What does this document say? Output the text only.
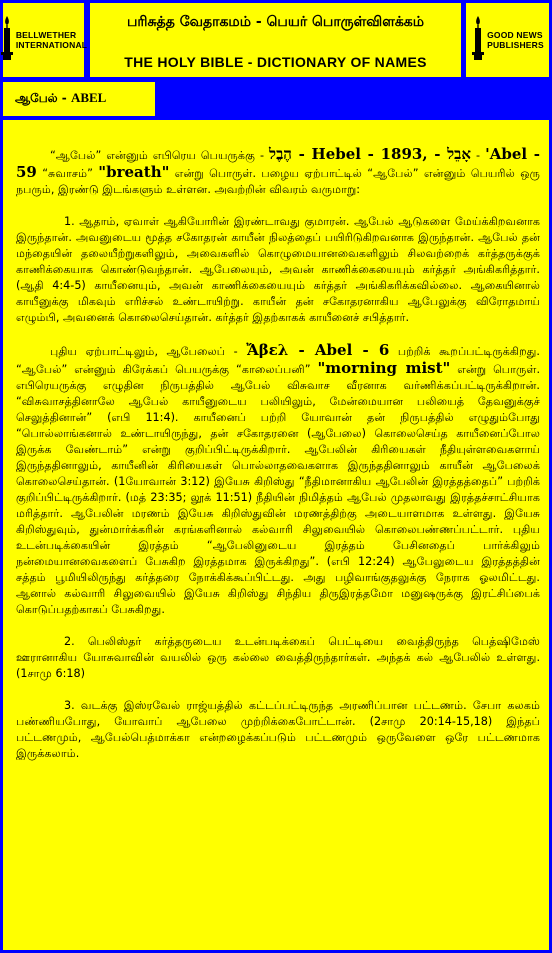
BELLWETHER
INTERNATIONAL
பரிசுத்த வேதாகமம் - பெயர் பொருள்விளக்கம்
THE HOLY BIBLE - DICTIONARY OF NAMES
GOOD NEWS
PUBLISHERS
ஆபேல் - ABEL

“ஆபேல்” என்னும் எபிரெய பெயருக்கு - הֶבֶל - Hebel - 1893, - אָבֵל - 'Abel - 59 “சுவாசம்” "breath" என்று பொருள். பழைய ஏற்பாட்டில் “ஆபேல்” என்னும் பெயரில் ஒரு நபரும், இரண்டு இடங்களும் உள்ளன. அவற்றின் விவரம் வருமாறு:

1. ஆதாம், ஏவாள் ஆகியோரின் இரண்டாவது குமாரன். ஆபேல் ஆடுகளை மேய்க்கிறவனாக இருந்தான். அவனுடைய மூத்த சகோதரன் காயீன் நிலத்தைப் பயிரிடுகிறவனாக இருந்தான். ஆபேல் தன் மந்தையின் தலையீற்றுகளிலும், அவைகளில் கொழுமையானவைகளிலும் சிலவற்றைக் கர்த்தருக்குக் காணிக்கையாக கொண்டுவந்தான். ஆபேலையும், அவன் காணிக்கையையும் கர்த்தர் அங்கிகரித்தார். (ஆதி 4:4-5) காயீனையும், அவன் காணிக்கையையும் கர்த்தர் அங்கிகரிக்கவில்லை. ஆகையினால் காயீனுக்கு மிகவும் எரிச்சல் உண்டாயிற்று. காயீன் தன் சகோதரனாகிய ஆபேலுக்கு விரோதமாய் எழும்பி, அவனைக் கொலைசெய்தான். கர்த்தர் இதற்காகக் காயீனைச் சபித்தார்.

புதிய ஏற்பாட்டிலும், ஆபேலைப் - Ἄβελ - Abel - 6 பற்றிக் கூறப்பட்டிருக்கிறது. “ஆபேல்” என்னும் கிரேக்கப் பெயருக்கு “காலைப்பனி” "morning mist" என்று பொருள். எபிரெயருக்கு எழுதின நிருபத்தில் ஆபேல் விசுவாச வீரனாக வர்ணிக்கப்பட்டிருக்கிறான். “விசுவாசத்தினாலே ஆபேல் காயீனுடைய பலியிலும், மேன்மையான பலியைத் தேவனுக்குச் செலுத்தினான்” (எபி 11:4). காயீனைப் பற்றி யோவான் தன் நிருபத்தில் எழுதும்போது “பொல்லாங்கனால் உண்டாயிருந்து, தன் சகோதரனை (ஆபேலை) கொலைசெய்த காயீனைப்போல இருக்க வேண்டாம்” என்று குறிப்பிட்டிருக்கிறார். ஆபேலின் கிரியைகள் நீதியுள்ளவைகளாய் இருந்ததினாலும், காயீனின் கிரியைகள் பொல்லாதவைகளாக இருந்ததினாலும் காயீன் ஆபேலைக் கொலைசெய்தான். (1யோவான் 3:12) இயேசு கிறிஸ்து “நீதிமானாகிய ஆபேலின் இரத்தத்தைப்” பற்றிக் குறிப்பிட்டிருக்கிறார். (மத் 23:35; லூக் 11:51) நீதியின் நிமித்தம் ஆபேல் முதலாவது இரத்தச்சாட்சியாக மரித்தார். ஆபேலின் மரணம் இயேசு கிறிஸ்துவின் மரணத்திற்கு அடையாளமாக உள்ளது. இயேசு கிறிஸ்துவும், துன்மார்க்கரின் கரங்களினால் கல்வாரி சிலுவையில் கொலைபண்ணப்பட்டார். புதிய உடன்படிக்கையின் இரத்தம் “ஆபேலினுடைய இரத்தம் பேசினதைப் பார்க்கிலும் நன்மையானவைகளைப் பேசுகிற இரத்தமாக இருக்கிறது”. (எபி 12:24) ஆபேலுடைய இரத்தத்தின் சத்தம் பூமியிலிருந்து கர்த்தரை நோக்கிக்கூப்பிட்டது. அது பழிவாங்குதலுக்கு நேராக ஓலமிட்டது. ஆனால் கல்வாரி சிலுவையில் இயேசு கிறிஸ்து சிந்திய திருஇரத்தமோ மனுஷருக்கு இரட்சிப்பைக் கொடுப்பதற்காகப் பேசுகிறது.

2. பெலிஸ்தர் கர்த்தருடைய உடன்படிக்கைப் பெட்டியை வைத்திருந்த பெத்ஷிமேஸ் ஊரானாகிய யோசுவாவின் வயலில் ஒரு கல்லை வைத்திருந்தார்கள். அந்தக் கல் ஆபேலில் உள்ளது. (1சாமு 6:18)

3. வடக்கு இஸ்ரவேல் ராஜ்யத்தில் கட்டப்பட்டிருந்த அரணிப்பான பட்டணம். சேபா கலகம் பண்ணியபோது, யோவாப் ஆபேலை முற்றிக்கைபோட்டான். (2சாமு 20:14-15,18) இந்தப் பட்டணமும், ஆபேல்பெத்மாக்கா என்றழைக்கப்படும் பட்டணமும் ஒருவேளை ஒரே பட்டணமாக இருக்கலாம்.
